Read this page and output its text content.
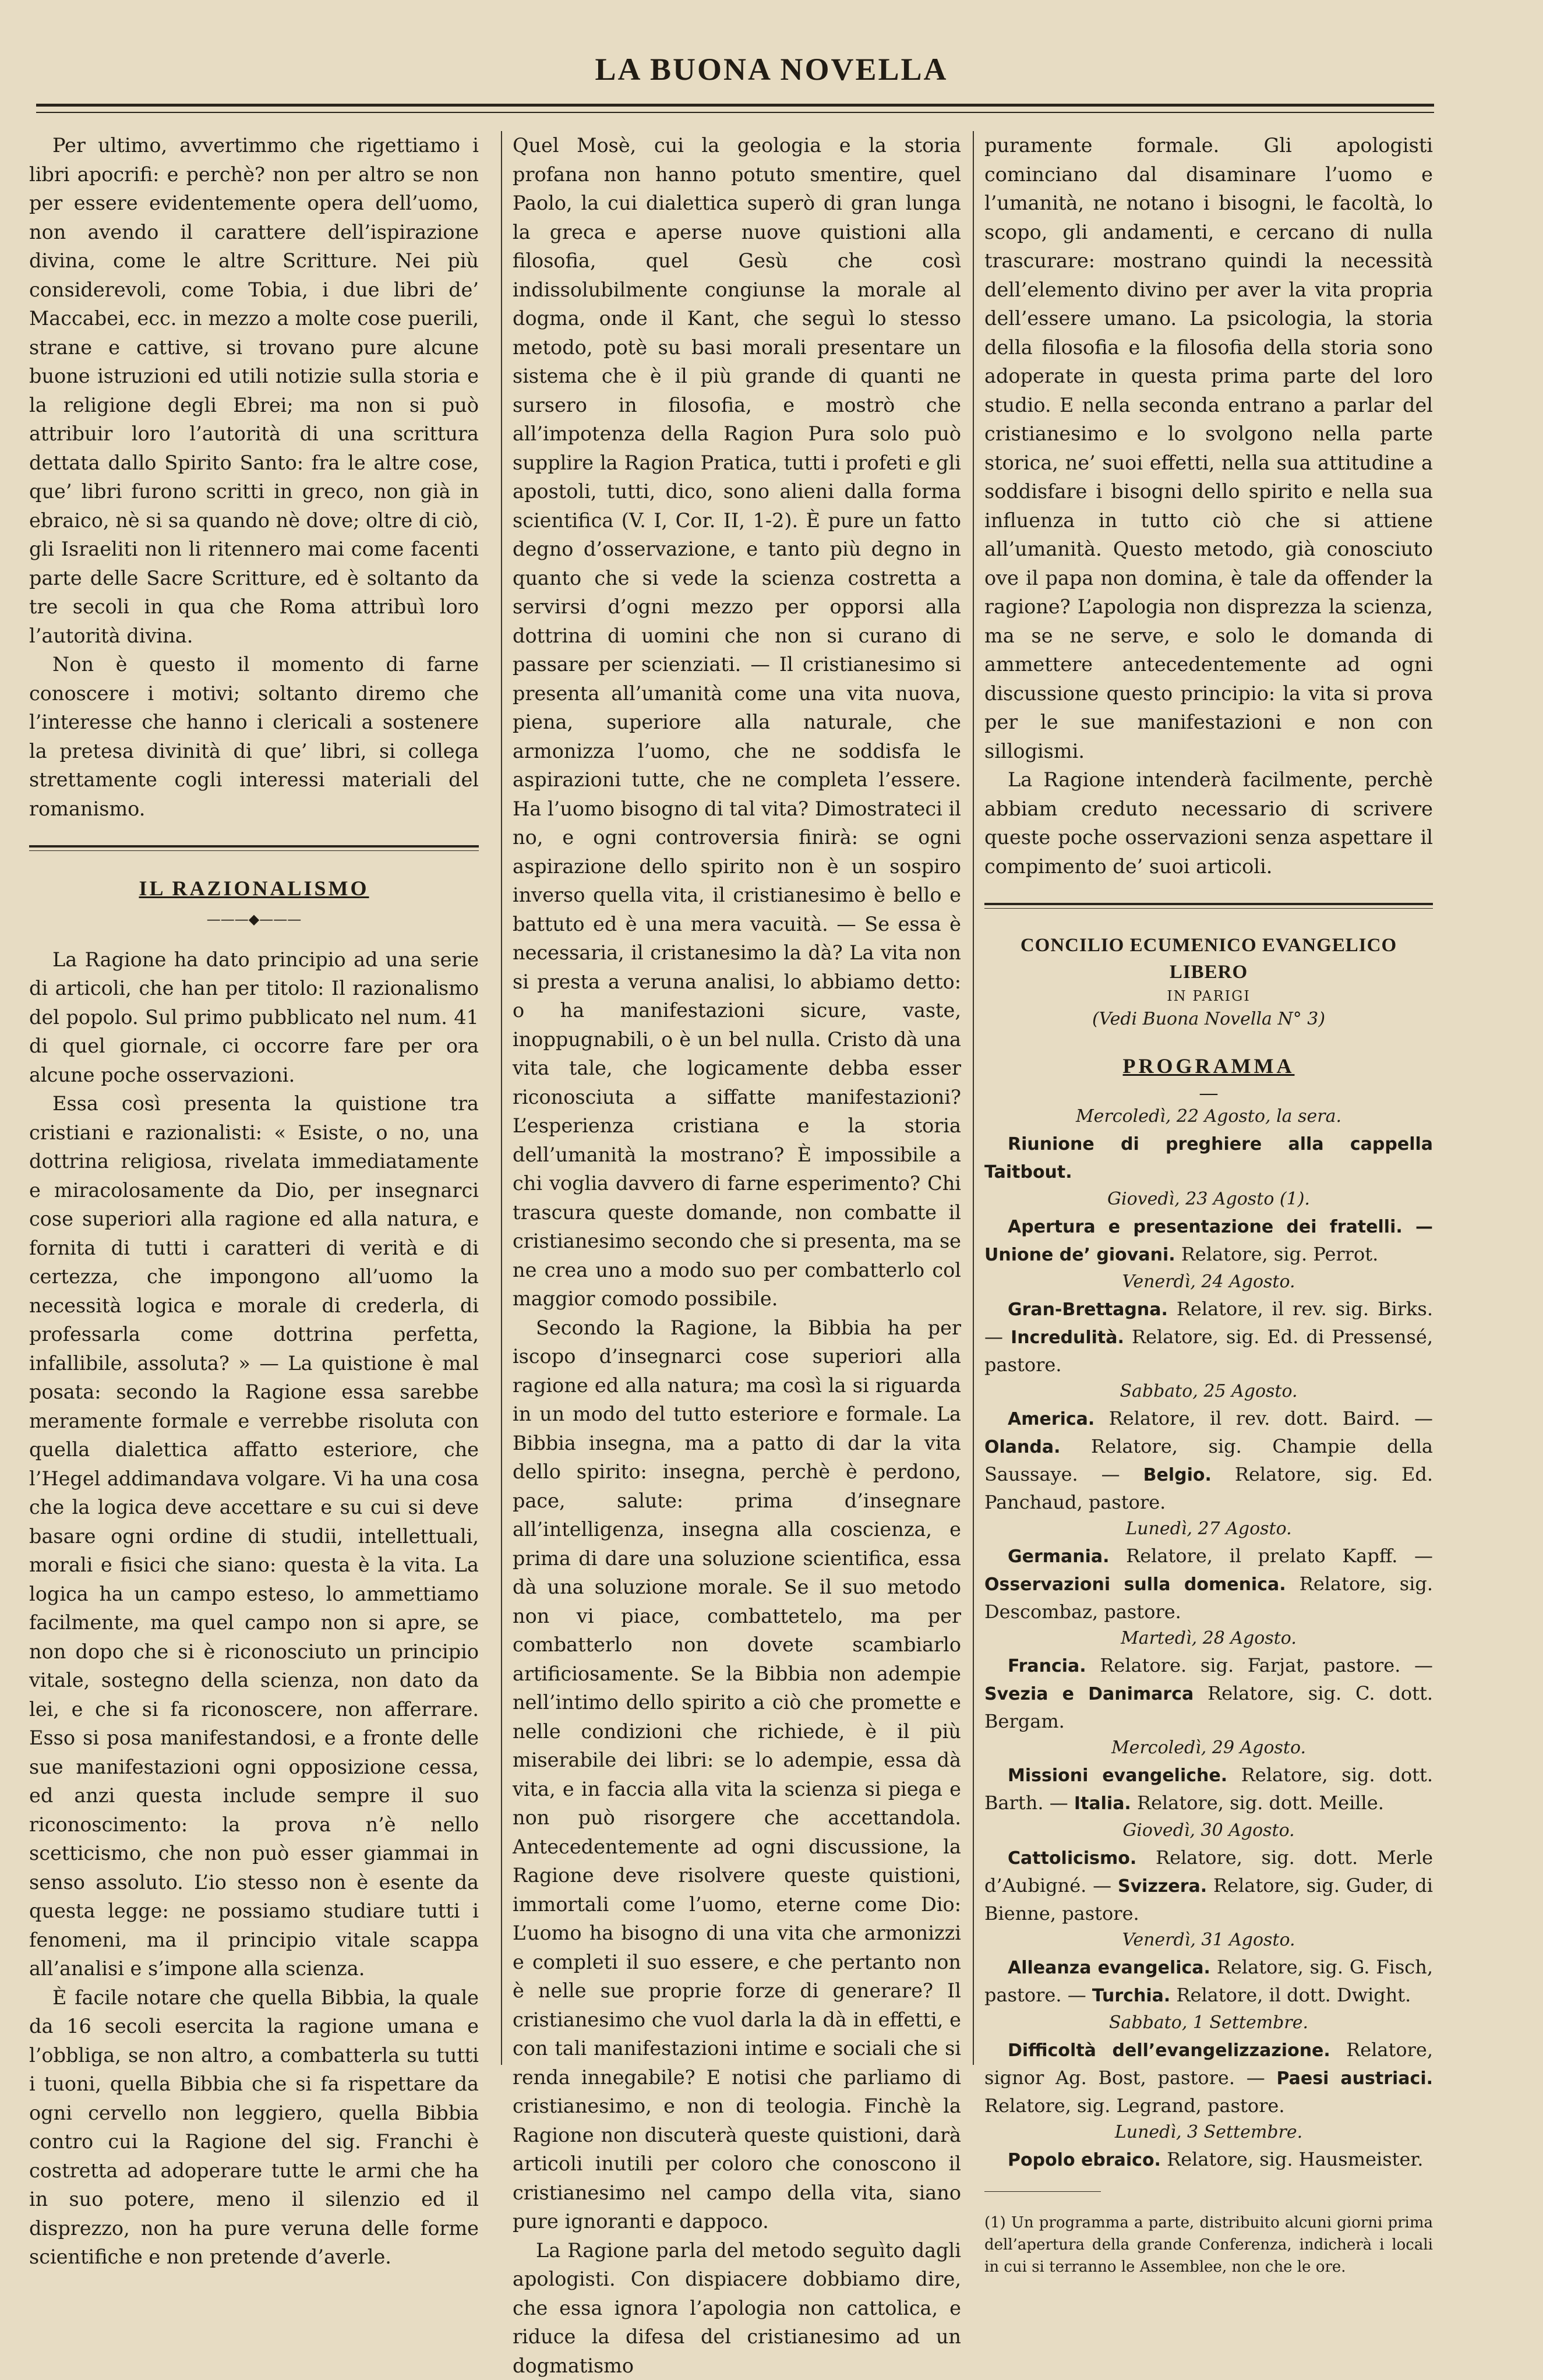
LA BUONA NOVELLA

Per ultimo, avvertimmo che rigettiamo i libri apocrifi: e perchè? non per altro se non per essere evidentemente opera dell’uomo, non avendo il carattere dell’ispirazione divina, come le altre Scritture. Nei più considerevoli, come Tobia, i due libri de’ Maccabei, ecc. in mezzo a molte cose puerili, strane e cattive, si trovano pure alcune buone istruzioni ed utili notizie sulla storia e la religione degli Ebrei; ma non si può attribuir loro l’autorità di una scrittura dettata dallo Spirito Santo: fra le altre cose, que’ libri furono scritti in greco, non già in ebraico, nè si sa quando nè dove; oltre di ciò, gli Israeliti non li ritennero mai come facenti parte delle Sacre Scritture, ed è soltanto da tre secoli in qua che Roma attribuì loro l’autorità divina.

Non è questo il momento di farne conoscere i motivi; soltanto diremo che l’interesse che hanno i clericali a sostenere la pretesa divinità di que’ libri, si collega strettamente cogli interessi materiali del romanismo.

IL RAZIONALISMO
———◆———

La Ragione ha dato principio ad una serie di articoli, che han per titolo: Il razionalismo del popolo. Sul primo pubblicato nel num. 41 di quel giornale, ci occorre fare per ora alcune poche osservazioni.

Essa così presenta la quistione tra cristiani e razionalisti: « Esiste, o no, una dottrina religiosa, rivelata immediatamente e miracolosamente da Dio, per insegnarci cose superiori alla ragione ed alla natura, e fornita di tutti i caratteri di verità e di certezza, che impongono all’uomo la necessità logica e morale di crederla, di professarla come dottrina perfetta, infallibile, assoluta? » — La quistione è mal posata: secondo la Ragione essa sarebbe meramente formale e verrebbe risoluta con quella dialettica affatto esteriore, che l’Hegel addimandava volgare. Vi ha una cosa che la logica deve accettare e su cui si deve basare ogni ordine di studii, intellettuali, morali e fisici che siano: questa è la vita. La logica ha un campo esteso, lo ammettiamo facilmente, ma quel campo non si apre, se non dopo che si è riconosciuto un principio vitale, sostegno della scienza, non dato da lei, e che si fa riconoscere, non afferrare. Esso si posa manifestandosi, e a fronte delle sue manifestazioni ogni opposizione cessa, ed anzi questa include sempre il suo riconoscimento: la prova n’è nello scetticismo, che non può esser giammai in senso assoluto. L’io stesso non è esente da questa legge: ne possiamo studiare tutti i fenomeni, ma il principio vitale scappa all’analisi e s’impone alla scienza.

È facile notare che quella Bibbia, la quale da 16 secoli esercita la ragione umana e l’obbliga, se non altro, a combatterla su tutti i tuoni, quella Bibbia che si fa rispettare da ogni cervello non leggiero, quella Bibbia contro cui la Ragione del sig. Franchi è costretta ad adoperare tutte le armi che ha in suo potere, meno il silenzio ed il disprezzo, non ha pure veruna delle forme scientifiche e non pretende d’averle.

Quel Mosè, cui la geologia e la storia profana non hanno potuto smentire, quel Paolo, la cui dialettica superò di gran lunga la greca e aperse nuove quistioni alla filosofia, quel Gesù che così indissolubilmente congiunse la morale al dogma, onde il Kant, che seguì lo stesso metodo, potè su basi morali presentare un sistema che è il più grande di quanti ne sursero in filosofia, e mostrò che all’impotenza della Ragion Pura solo può supplire la Ragion Pratica, tutti i profeti e gli apostoli, tutti, dico, sono alieni dalla forma scientifica (V. I, Cor. II, 1-2). È pure un fatto degno d’osservazione, e tanto più degno in quanto che si vede la scienza costretta a servirsi d’ogni mezzo per opporsi alla dottrina di uomini che non si curano di passare per scienziati. — Il cristianesimo si presenta all’umanità come una vita nuova, piena, superiore alla naturale, che armonizza l’uomo, che ne soddisfa le aspirazioni tutte, che ne completa l’essere. Ha l’uomo bisogno di tal vita? Dimostrateci il no, e ogni controversia finirà: se ogni aspirazione dello spirito non è un sospiro inverso quella vita, il cristianesimo è bello e battuto ed è una mera vacuità. — Se essa è necessaria, il cristanesimo la dà? La vita non si presta a veruna analisi, lo abbiamo detto: o ha manifestazioni sicure, vaste, inoppugnabili, o è un bel nulla. Cristo dà una vita tale, che logicamente debba esser riconosciuta a siffatte manifestazioni? L’esperienza cristiana e la storia dell’umanità la mostrano? È impossibile a chi voglia davvero di farne esperimento? Chi trascura queste domande, non combatte il cristianesimo secondo che si presenta, ma se ne crea uno a modo suo per combatterlo col maggior comodo possibile.

Secondo la Ragione, la Bibbia ha per iscopo d’insegnarci cose superiori alla ragione ed alla natura; ma così la si riguarda in un modo del tutto esteriore e formale. La Bibbia insegna, ma a patto di dar la vita dello spirito: insegna, perchè è perdono, pace, salute: prima d’insegnare all’intelligenza, insegna alla coscienza, e prima di dare una soluzione scientifica, essa dà una soluzione morale. Se il suo metodo non vi piace, combattetelo, ma per combatterlo non dovete scambiarlo artificiosamente. Se la Bibbia non adempie nell’intimo dello spirito a ciò che promette e nelle condizioni che richiede, è il più miserabile dei libri: se lo adempie, essa dà vita, e in faccia alla vita la scienza si piega e non può risorgere che accettandola. Antecedentemente ad ogni discussione, la Ragione deve risolvere queste quistioni, immortali come l’uomo, eterne come Dio: L’uomo ha bisogno di una vita che armonizzi e completi il suo essere, e che pertanto non è nelle sue proprie forze di generare? Il cristianesimo che vuol darla la dà in effetti, e con tali manifestazioni intime e sociali che si renda innegabile? E notisi che parliamo di cristianesimo, e non di teologia. Finchè la Ragione non discuterà queste quistioni, darà articoli inutili per coloro che conoscono il cristianesimo nel campo della vita, siano pure ignoranti e dappoco.

La Ragione parla del metodo seguìto dagli apologisti. Con dispiacere dobbiamo dire, che essa ignora l’apologia non cattolica, e riduce la difesa del cristianesimo ad un dogmatismo

puramente formale. Gli apologisti cominciano dal disaminare l’uomo e l’umanità, ne notano i bisogni, le facoltà, lo scopo, gli andamenti, e cercano di nulla trascurare: mostrano quindi la necessità dell’elemento divino per aver la vita propria dell’essere umano. La psicologia, la storia della filosofia e la filosofia della storia sono adoperate in questa prima parte del loro studio. E nella seconda entrano a parlar del cristianesimo e lo svolgono nella parte storica, ne’ suoi effetti, nella sua attitudine a soddisfare i bisogni dello spirito e nella sua influenza in tutto ciò che si attiene all’umanità. Questo metodo, già conosciuto ove il papa non domina, è tale da offender la ragione? L’apologia non disprezza la scienza, ma se ne serve, e solo le domanda di ammettere antecedentemente ad ogni discussione questo principio: la vita si prova per le sue manifestazioni e non con sillogismi.

La Ragione intenderà facilmente, perchè abbiam creduto necessario di scrivere queste poche osservazioni senza aspettare il compimento de’ suoi articoli.

CONCILIO ECUMENICO EVANGELICO LIBERO
IN PARIGI
(Vedi Buona Novella N° 3)
PROGRAMMA
—
Mercoledì, 22 Agosto, la sera.

Riunione di preghiere alla cappella Taitbout.

Giovedì, 23 Agosto (1).

Apertura e presentazione dei fratelli. — Unione de’ giovani. Relatore, sig. Perrot.

Venerdì, 24 Agosto.

Gran-Brettagna. Relatore, il rev. sig. Birks. — Incredulità. Relatore, sig. Ed. di Pressensé, pastore.

Sabbato, 25 Agosto.

America. Relatore, il rev. dott. Baird. —Olanda. Relatore, sig. Champie della Saussaye. — Belgio. Relatore, sig. Ed. Panchaud, pastore.

Lunedì, 27 Agosto.

Germania. Relatore, il prelato Kapff. — Osservazioni sulla domenica. Relatore, sig. Descombaz, pastore.

Martedì, 28 Agosto.

Francia. Relatore. sig. Farjat, pastore. —Svezia e Danimarca Relatore, sig. C. dott. Bergam.

Mercoledì, 29 Agosto.

Missioni evangeliche. Relatore, sig. dott. Barth. — Italia. Relatore, sig. dott. Meille.

Giovedì, 30 Agosto.

Cattolicismo. Relatore, sig. dott. Merle d’Aubigné. — Svizzera. Relatore, sig. Guder, di Bienne, pastore.

Venerdì, 31 Agosto.

Alleanza evangelica. Relatore, sig. G. Fisch, pastore. — Turchia. Relatore, il dott. Dwight.

Sabbato, 1 Settembre.

Difficoltà dell’evangelizzazione. Relatore, signor Ag. Bost, pastore. — Paesi austriaci. Relatore, sig. Legrand, pastore.

Lunedì, 3 Settembre.

Popolo ebraico. Relatore, sig. Hausmeister.

(1) Un programma a parte, distribuito alcuni giorni prima dell’apertura della grande Conferenza, indicherà i locali in cui si terranno le Assemblee, non che le ore.
